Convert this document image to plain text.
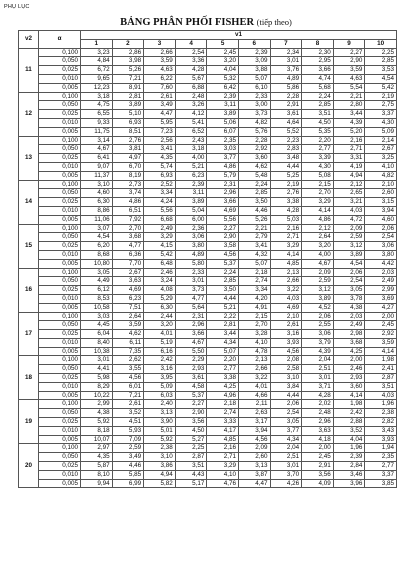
PHỤ LỤC
BẢNG PHÂN PHỐI FISHER (tiếp theo)
v2	α	v1									
		1	2	3	4	5	6	7	8	9	10
11	0,100	3,23	2,86	2,66	2,54	2,45	2,39	2,34	2,30	2,27	2,25
	0,050	4,84	3,98	3,59	3,36	3,20	3,09	3,01	2,95	2,90	2,85
	0,025	6,72	5,26	4,63	4,28	4,04	3,88	3,76	3,66	3,59	3,53
	0,010	9,65	7,21	6,22	5,67	5,32	5,07	4,89	4,74	4,63	4,54
	0,005	12,23	8,91	7,60	6,88	6,42	6,10	5,86	5,68	5,54	5,42
12	0,100	3,18	2,81	2,61	2,48	2,39	2,33	2,28	2,24	2,21	2,19
	0,050	4,75	3,89	3,49	3,26	3,11	3,00	2,91	2,85	2,80	2,75
	0,025	6,55	5,10	4,47	4,12	3,89	3,73	3,61	3,51	3,44	3,37
	0,010	9,33	6,93	5,95	5,41	5,06	4,82	4,64	4,50	4,39	4,30
	0,005	11,75	8,51	7,23	6,52	6,07	5,76	5,52	5,35	5,20	5,09
13	0,100	3,14	2,76	2,56	2,43	2,35	2,28	2,23	2,20	2,16	2,14
	0,050	4,67	3,81	3,41	3,18	3,03	2,92	2,83	2,77	2,71	2,67
	0,025	6,41	4,97	4,35	4,00	3,77	3,60	3,48	3,39	3,31	3,25
	0,010	9,07	6,70	5,74	5,21	4,86	4,62	4,44	4,30	4,19	4,10
	0,005	11,37	8,19	6,93	6,23	5,79	5,48	5,25	5,08	4,94	4,82
14	0,100	3,10	2,73	2,52	2,39	2,31	2,24	2,19	2,15	2,12	2,10
	0,050	4,60	3,74	3,34	3,11	2,96	2,85	2,76	2,70	2,65	2,60
	0,025	6,30	4,86	4,24	3,89	3,66	3,50	3,38	3,29	3,21	3,15
	0,010	8,86	6,51	5,56	5,04	4,69	4,46	4,28	4,14	4,03	3,94
	0,005	11,06	7,92	6,68	6,00	5,56	5,26	5,03	4,86	4,72	4,60
15	0,100	3,07	2,70	2,49	2,36	2,27	2,21	2,16	2,12	2,09	2,06
	0,050	4,54	3,68	3,29	3,06	2,90	2,79	2,71	2,64	2,59	2,54
	0,025	6,20	4,77	4,15	3,80	3,58	3,41	3,29	3,20	3,12	3,06
	0,010	8,68	6,36	5,42	4,89	4,56	4,32	4,14	4,00	3,89	3,80
	0,005	10,80	7,70	6,48	5,80	5,37	5,07	4,85	4,67	4,54	4,42
16	0,100	3,05	2,67	2,46	2,33	2,24	2,18	2,13	2,09	2,06	2,03
	0,050	4,49	3,63	3,24	3,01	2,85	2,74	2,66	2,59	2,54	2,49
	0,025	6,12	4,69	4,08	3,73	3,50	3,34	3,22	3,12	3,05	2,99
	0,010	8,53	6,23	5,29	4,77	4,44	4,20	4,03	3,89	3,78	3,69
	0,005	10,58	7,51	6,30	5,64	5,21	4,91	4,69	4,52	4,38	4,27
17	0,100	3,03	2,64	2,44	2,31	2,22	2,15	2,10	2,06	2,03	2,00
	0,050	4,45	3,59	3,20	2,96	2,81	2,70	2,61	2,55	2,49	2,45
	0,025	6,04	4,62	4,01	3,66	3,44	3,28	3,16	3,06	2,98	2,92
	0,010	8,40	6,11	5,19	4,67	4,34	4,10	3,93	3,79	3,68	3,59
	0,005	10,38	7,35	6,16	5,50	5,07	4,78	4,56	4,39	4,25	4,14
18	0,100	3,01	2,62	2,42	2,29	2,20	2,13	2,08	2,04	2,00	1,98
	0,050	4,41	3,55	3,16	2,93	2,77	2,66	2,58	2,51	2,46	2,41
	0,025	5,98	4,56	3,95	3,61	3,38	3,22	3,10	3,01	2,93	2,87
	0,010	8,29	6,01	5,09	4,58	4,25	4,01	3,84	3,71	3,60	3,51
	0,005	10,22	7,21	6,03	5,37	4,96	4,66	4,44	4,28	4,14	4,03
19	0,100	2,99	2,61	2,40	2,27	2,18	2,11	2,06	2,02	1,98	1,96
	0,050	4,38	3,52	3,13	2,90	2,74	2,63	2,54	2,48	2,42	2,38
	0,025	5,92	4,51	3,90	3,56	3,33	3,17	3,05	2,96	2,88	2,82
	0,010	8,18	5,93	5,01	4,50	4,17	3,94	3,77	3,63	3,52	3,43
	0,005	10,07	7,09	5,92	5,27	4,85	4,56	4,34	4,18	4,04	3,93
20	0,100	2,97	2,59	2,38	2,25	2,16	2,09	2,04	2,00	1,96	1,94
	0,050	4,35	3,49	3,10	2,87	2,71	2,60	2,51	2,45	2,39	2,35
	0,025	5,87	4,46	3,86	3,51	3,29	3,13	3,01	2,91	2,84	2,77
	0,010	8,10	5,85	4,94	4,43	4,10	3,87	3,70	3,56	3,46	3,37
	0,005	9,94	6,99	5,82	5,17	4,76	4,47	4,26	4,09	3,96	3,85
